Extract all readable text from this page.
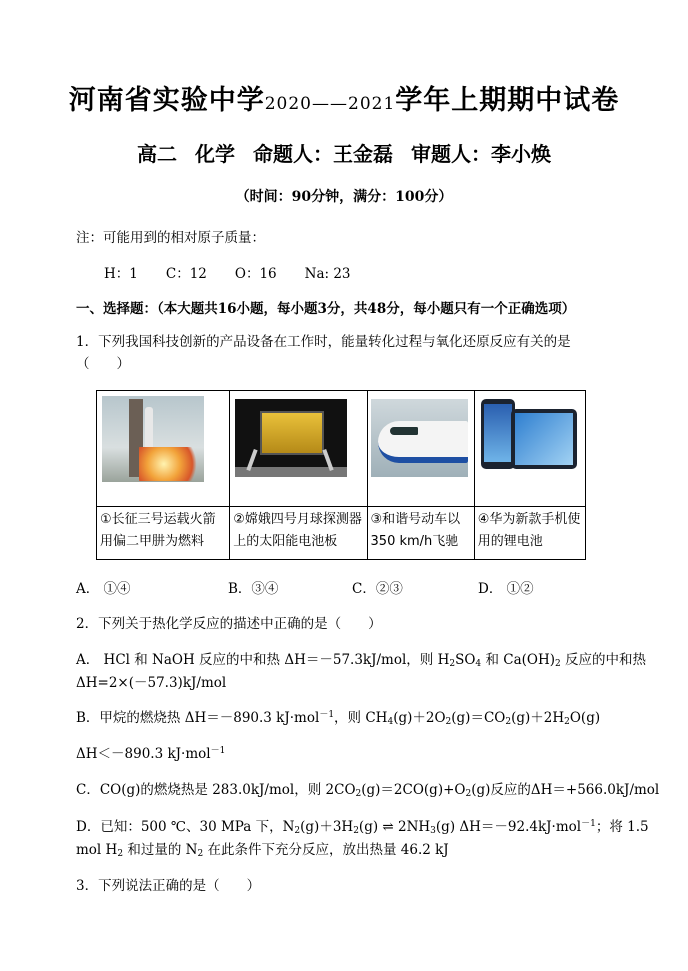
河南省实验中学2020——2021学年上期期中试卷
高二 化学 命题人：王金磊 审题人：李小焕
（时间：90分钟，满分：100分）
注：可能用到的相对原子质量：
H：1 C：12 O：16 Na: 23
一、选择题：（本大题共16小题，每小题3分，共48分，每小题只有一个正确选项）
1．下列我国科技创新的产品设备在工作时，能量转化过程与氧化还原反应有关的是
（　　）

①长征三号运载火箭用偏二甲肼为燃料	②嫦娥四号月球探测器上的太阳能电池板	③和谐号动车以350 km/h飞驰	④华为新款手机使用的锂电池
A． ①④	B．③④	C．②③	D． ①②
2．下列关于热化学反应的描述中正确的是（　　）
A． HCl 和 NaOH 反应的中和热 ΔH＝－57.3kJ/mol，则 $H_2SO_4$ 和 $Ca(OH)_2$ 反应的中和热
ΔH=2×(－57.3)kJ/mol
B．甲烷的燃烧热 ΔH＝－890.3 kJ·mol$^{-1}$，则 $CH_4(g)+2O_2(g)=CO_2(g)+2H_2O(g)$
ΔH＜－890.3 kJ·mol$^{-1}$
C．CO(g)的燃烧热是 283.0kJ/mol，则 $2CO_2(g)=2CO(g)+O_2(g)$反应的ΔH＝+566.0kJ/mol
D．已知：500 ℃、30 MPa 下，$N_2(g)+3H_2(g)$ ⇌ $2NH_3(g)$ ΔH＝－92.4kJ·mol$^{-1}$；将 1.5
mol $H_2$ 和过量的 $N_2$ 在此条件下充分反应，放出热量 46.2 kJ
3．下列说法正确的是（　　）
